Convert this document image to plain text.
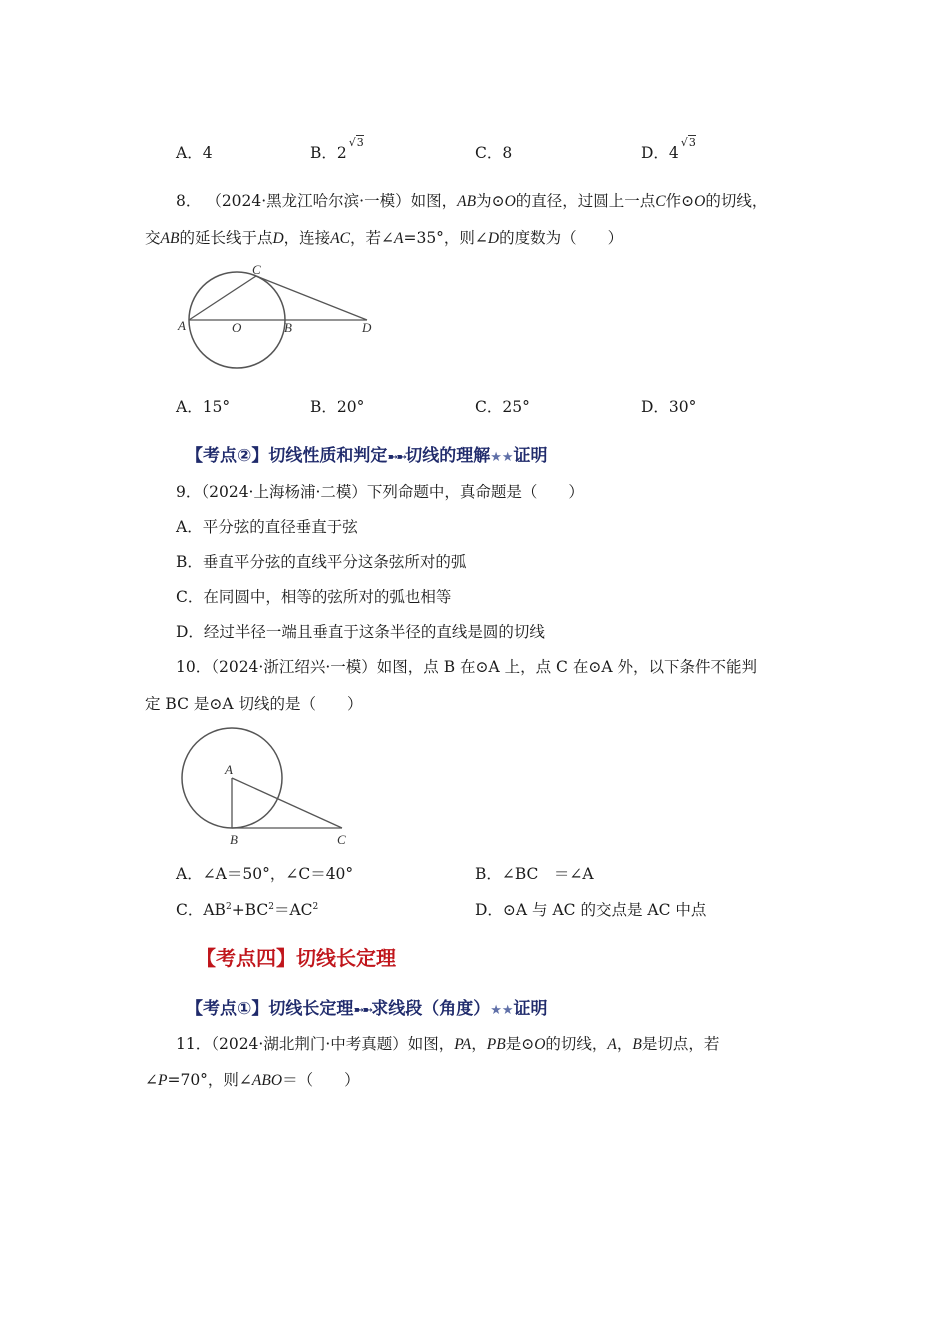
A．4	B．$2^{√3}$
C．8	D．$4^{√3}$
8． （2024·黑龙江哈尔滨·一模）如图，AB为⊙O的直径，过圆上一点C作⊙O的切线，
交AB的延长线于点D，连接AC，若∠A=35°，则∠D的度数为（　　）
A	O	B
C
D
A．15°	B．20°	C．25°	D．30°
【考点②】切线性质和判定➼➼切线的理解★★证明
9．（2024·上海杨浦·二模）下列命题中，真命题是（　　）
A．平分弦的直径垂直于弦
B．垂直平分弦的直线平分这条弦所对的弧
C．在同圆中，相等的弦所对的弧也相等
D．经过半径一端且垂直于这条半径的直线是圆的切线
10．（2024·浙江绍兴·一模）如图，点 B 在⊙A 上，点 C 在⊙A 外，以下条件不能判
定 BC 是⊙A 切线的是（　　）
A
B	C
A．∠A＝50°，∠C＝40°	B．∠BC　＝∠A
C．$AB^2+BC^2=AC^2$	D．⊙A 与 AC 的交点是 AC 中点
【考点四】切线长定理
【考点①】切线长定理➼➼求线段（角度）★★证明
11．（2024·湖北荆门·中考真题）如图，PA，PB是⊙O的切线，A，B是切点，若
∠P=70°，则∠ABO＝（　　）
